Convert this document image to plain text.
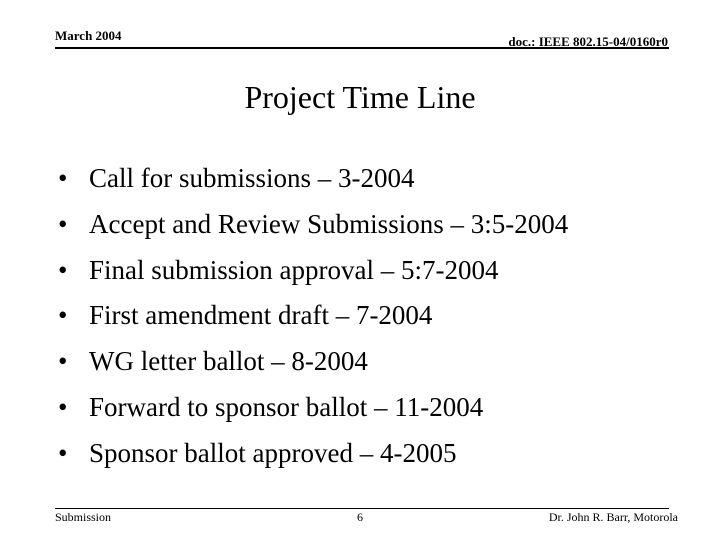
March 2004	doc.: IEEE 802.15-04/0160r0
Project Time Line
• Call for submissions – 3-2004
• Accept and Review Submissions – 3:5-2004
• Final submission approval – 5:7-2004
• First amendment draft – 7-2004
• WG letter ballot – 8-2004
• Forward to sponsor ballot – 11-2004
• Sponsor ballot approved – 4-2005
Submission	6	Dr. John R. Barr, Motorola
